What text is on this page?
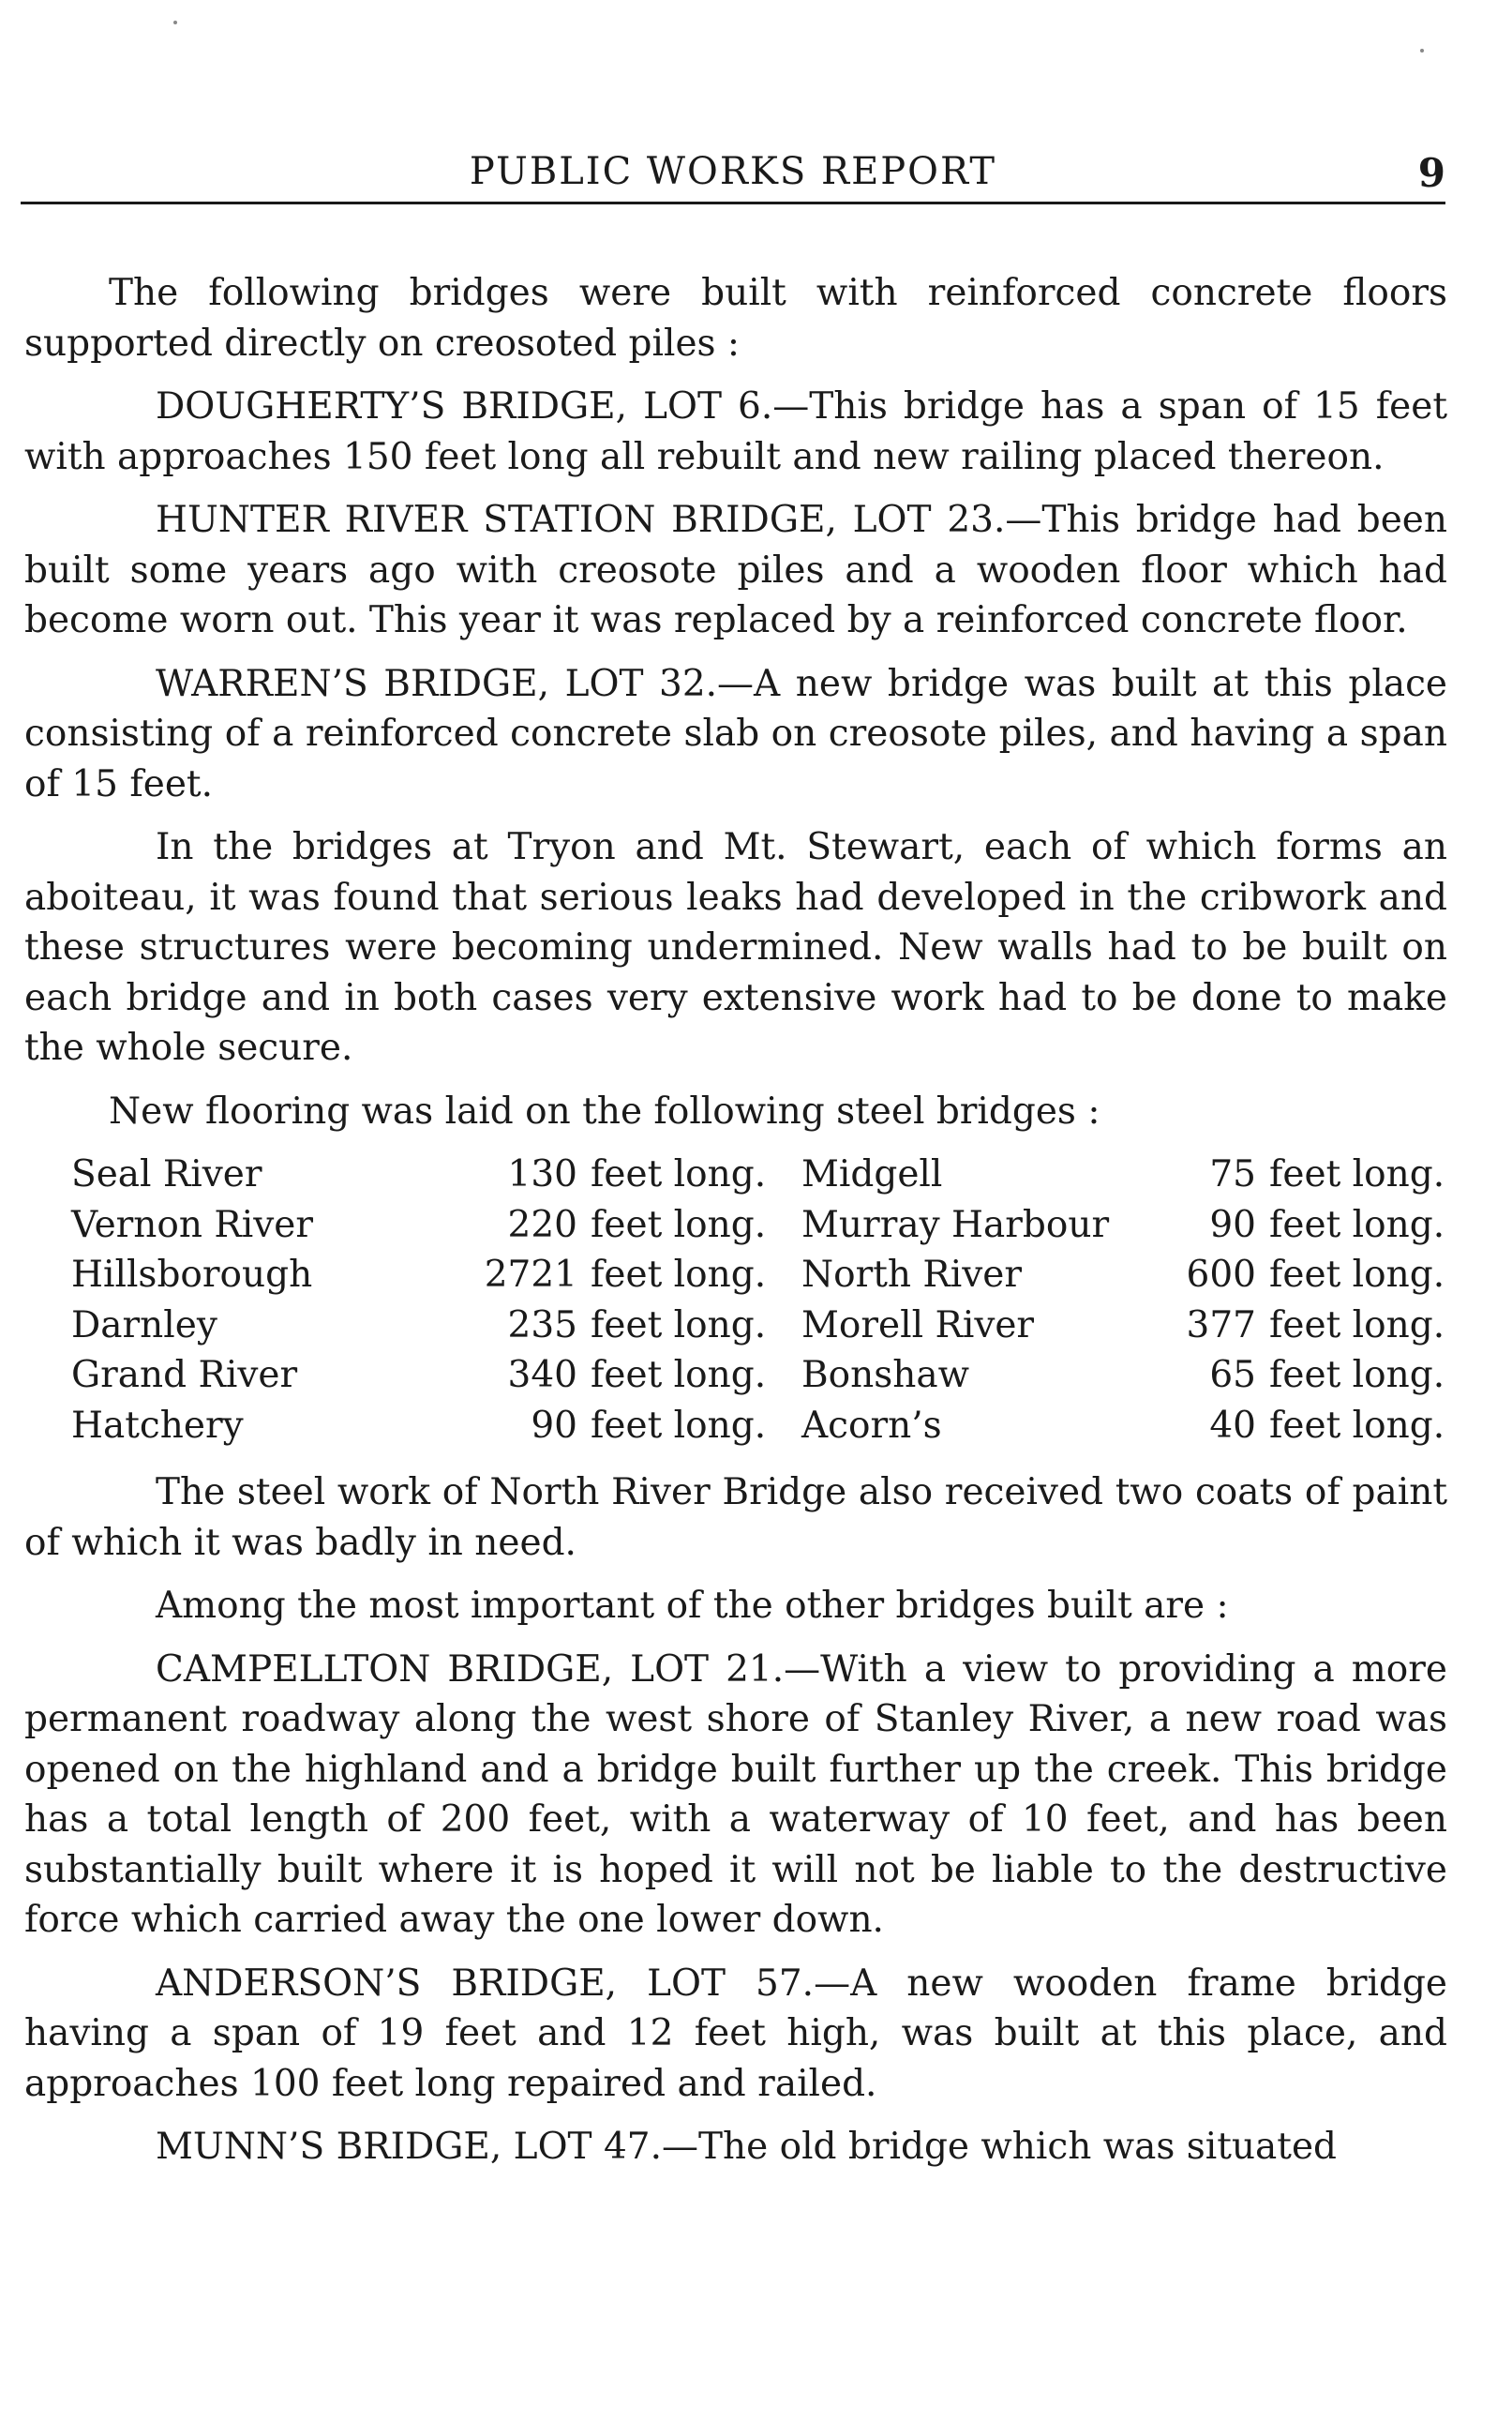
PUBLIC WORKS REPORT	9

The following bridges were built with reinforced concrete floors supported directly on creosoted piles :

DOUGHERTY’S BRIDGE, LOT 6.—This bridge has a span of 15 feet with approaches 150 feet long all rebuilt and new railing placed thereon.

HUNTER RIVER STATION BRIDGE, LOT 23.—This bridge had been built some years ago with creosote piles and a wooden floor which had become worn out. This year it was replaced by a reinforced concrete floor.

WARREN’S BRIDGE, LOT 32.—A new bridge was built at this place consisting of a reinforced concrete slab on creosote piles, and having a span of 15 feet.

In the bridges at Tryon and Mt. Stewart, each of which forms an aboiteau, it was found that serious leaks had developed in the cribwork and these structures were becoming undermined. New walls had to be built on each bridge and in both cases very extensive work had to be done to make the whole secure.

New flooring was laid on the following steel bridges :

Seal River	130	feet long.	Midgell	75	feet long.
Vernon River	220	feet long.	Murray Harbour	90	feet long.
Hillsborough	2721	feet long.	North River	600	feet long.
Darnley	235	feet long.	Morell River	377	feet long.
Grand River	340	feet long.	Bonshaw	65	feet long.
Hatchery	90	feet long.	Acorn’s	40	feet long.

The steel work of North River Bridge also received two coats of paint of which it was badly in need.

Among the most important of the other bridges built are :

CAMPELLTON BRIDGE, LOT 21.—With a view to providing a more permanent roadway along the west shore of Stanley River, a new road was opened on the highland and a bridge built further up the creek. This bridge has a total length of 200 feet, with a waterway of 10 feet, and has been substantially built where it is hoped it will not be liable to the destructive force which carried away the one lower down.

ANDERSON’S BRIDGE, LOT 57.—A new wooden frame bridge having a span of 19 feet and 12 feet high, was built at this place, and approaches 100 feet long repaired and railed.

MUNN’S BRIDGE, LOT 47.—The old bridge which was situated
